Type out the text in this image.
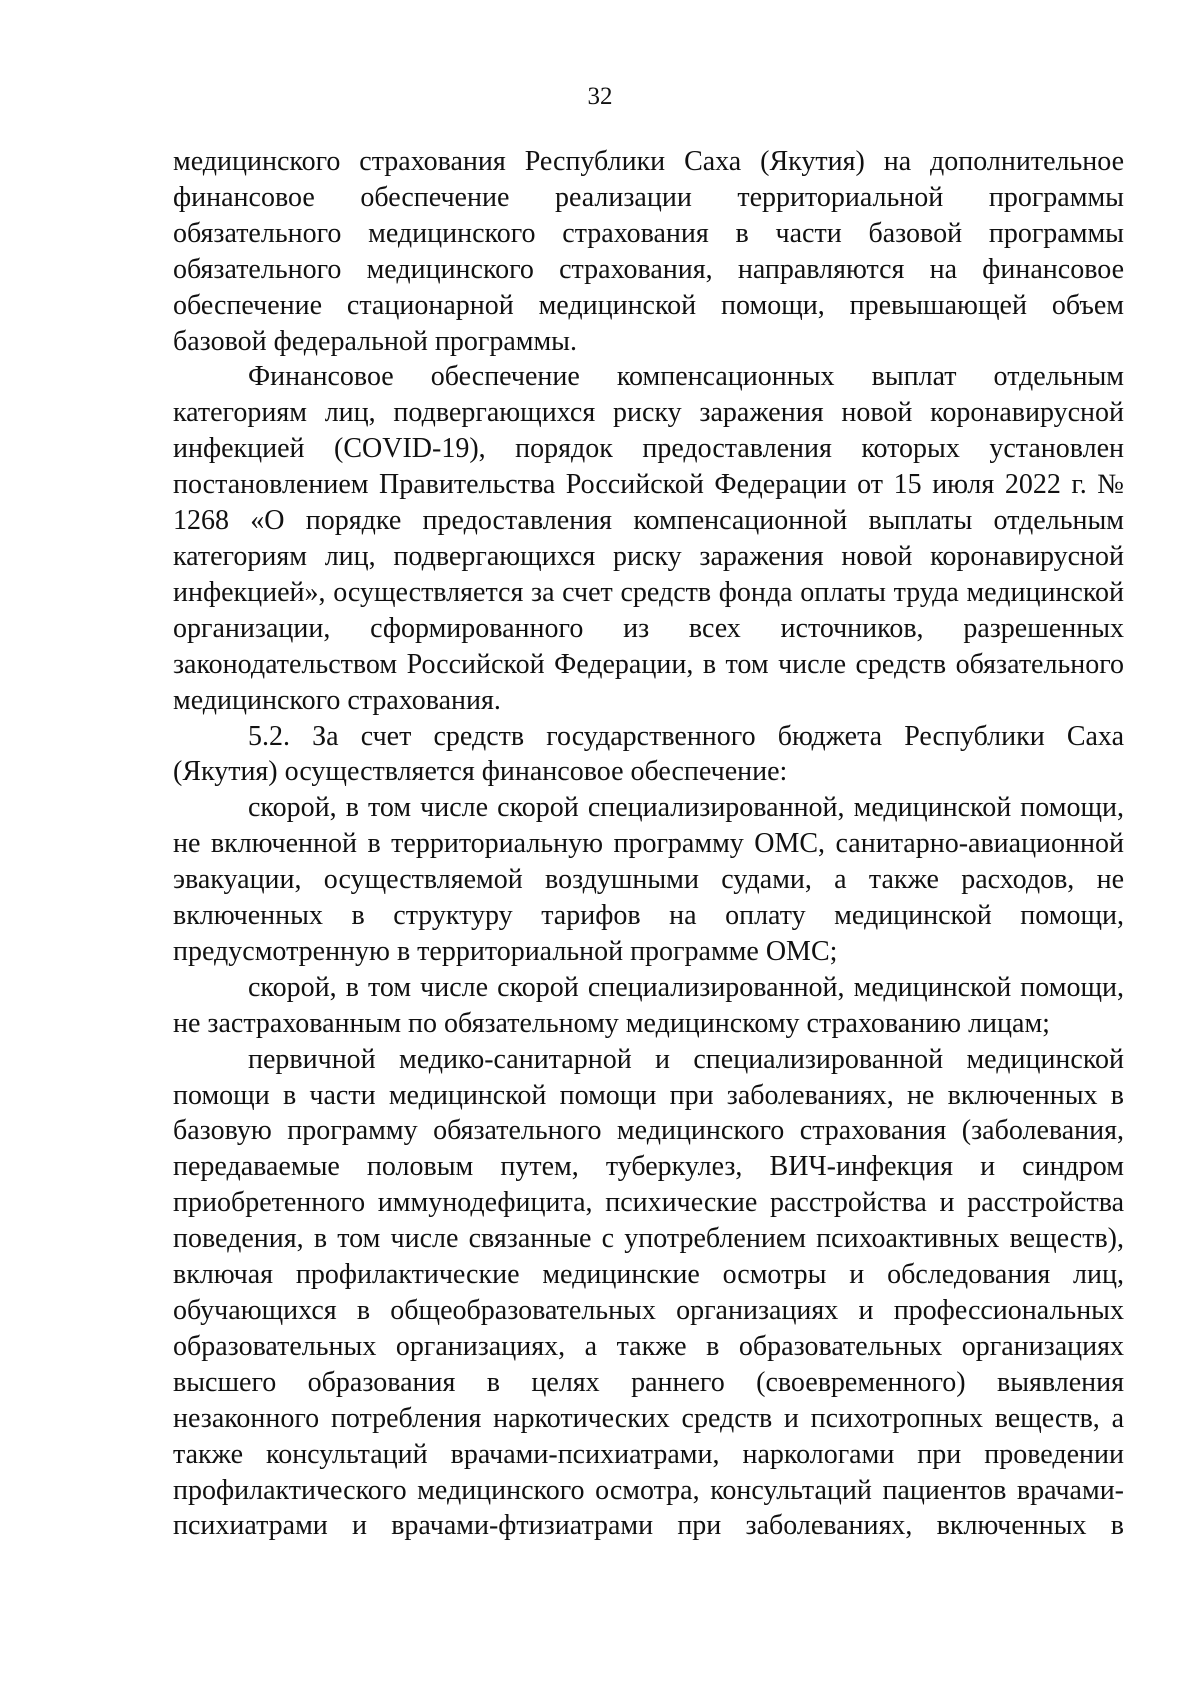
32

медицинского страхования Республики Саха (Якутия) на дополнительное финансовое обеспечение реализации территориальной программы обязательного медицинского страхования в части базовой программы обязательного медицинского страхования, направляются на финансовое обеспечение стационарной медицинской помощи, превышающей объем базовой федеральной программы.

Финансовое обеспечение компенсационных выплат отдельным категориям лиц, подвергающихся риску заражения новой коронавирусной инфекцией (COVID-19), порядок предоставления которых установлен постановлением Правительства Российской Федерации от 15 июля 2022 г. № 1268 «О порядке предоставления компенсационной выплаты отдельным категориям лиц, подвергающихся риску заражения новой коронавирусной инфекцией», осуществляется за счет средств фонда оплаты труда медицинской организации, сформированного из всех источников, разрешенных законодательством Российской Федерации, в том числе средств обязательного медицинского страхования.

5.2. За счет средств государственного бюджета Республики Саха (Якутия) осуществляется финансовое обеспечение:

скорой, в том числе скорой специализированной, медицинской помощи, не включенной в территориальную программу ОМС, санитарно-авиационной эвакуации, осуществляемой воздушными судами, а также расходов, не включенных в структуру тарифов на оплату медицинской помощи, предусмотренную в территориальной программе ОМС;

скорой, в том числе скорой специализированной, медицинской помощи, не застрахованным по обязательному медицинскому страхованию лицам;

первичной медико-санитарной и специализированной медицинской помощи в части медицинской помощи при заболеваниях, не включенных в базовую программу обязательного медицинского страхования (заболевания, передаваемые половым путем, туберкулез, ВИЧ-инфекция и синдром приобретенного иммунодефицита, психические расстройства и расстройства поведения, в том числе связанные с употреблением психоактивных веществ), включая профилактические медицинские осмотры и обследования лиц, обучающихся в общеобразовательных организациях и профессиональных образовательных организациях, а также в образовательных организациях высшего образования в целях раннего (своевременного) выявления незаконного потребления наркотических средств и психотропных веществ, а также консультаций врачами-психиатрами, наркологами при проведении профилактического медицинского осмотра, консультаций пациентов врачами-психиатрами и врачами-фтизиатрами при заболеваниях, включенных в
